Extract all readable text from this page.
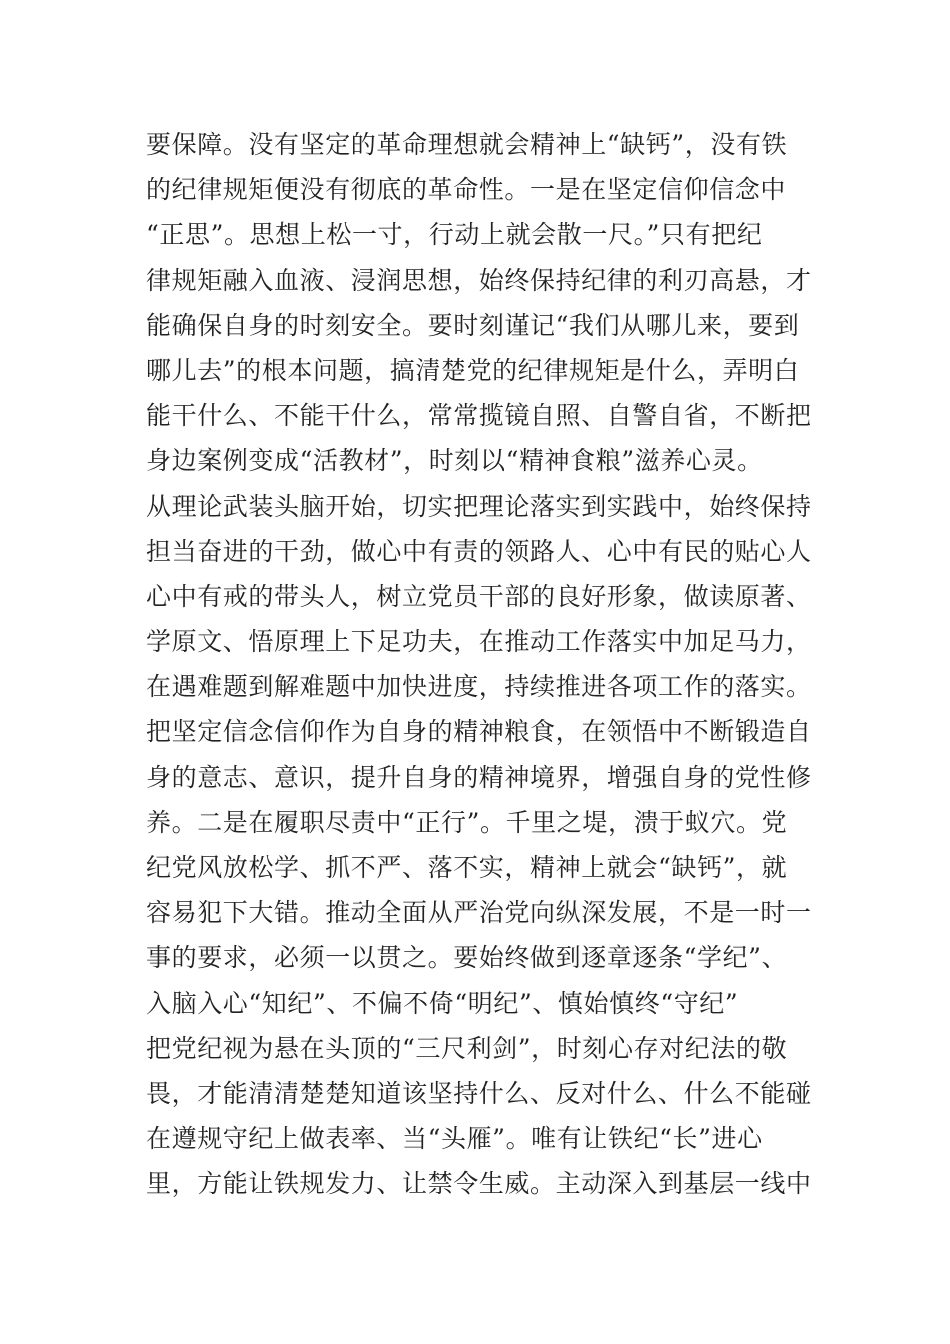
要保障。没有坚定的革命理想就会精神上“缺钙”，没有铁
的纪律规矩便没有彻底的革命性。一是在坚定信仰信念中
“正思”。思想上松一寸，行动上就会散一尺。”只有把纪
律规矩融入血液、浸润思想，始终保持纪律的利刃高悬，才
能确保自身的时刻安全。要时刻谨记“我们从哪儿来，要到
哪儿去”的根本问题，搞清楚党的纪律规矩是什么，弄明白
能干什么、不能干什么，常常揽镜自照、自警自省，不断把
身边案例变成“活教材”，时刻以“精神食粮”滋养心灵。
从理论武装头脑开始，切实把理论落实到实践中，始终保持
担当奋进的干劲，做心中有责的领路人、心中有民的贴心人
心中有戒的带头人，树立党员干部的良好形象，做读原著、
学原文、悟原理上下足功夫，在推动工作落实中加足马力，
在遇难题到解难题中加快进度，持续推进各项工作的落实。
把坚定信念信仰作为自身的精神粮食，在领悟中不断锻造自
身的意志、意识，提升自身的精神境界，增强自身的党性修
养。二是在履职尽责中“正行”。千里之堤，溃于蚁穴。党
纪党风放松学、抓不严、落不实，精神上就会“缺钙”，就
容易犯下大错。推动全面从严治党向纵深发展，不是一时一
事的要求，必须一以贯之。要始终做到逐章逐条“学纪”、
入脑入心“知纪”、不偏不倚“明纪”、慎始慎终“守纪”
把党纪视为悬在头顶的“三尺利剑”，时刻心存对纪法的敬
畏，才能清清楚楚知道该坚持什么、反对什么、什么不能碰
在遵规守纪上做表率、当“头雁”。唯有让铁纪“长”进心
里，方能让铁规发力、让禁令生威。主动深入到基层一线中
